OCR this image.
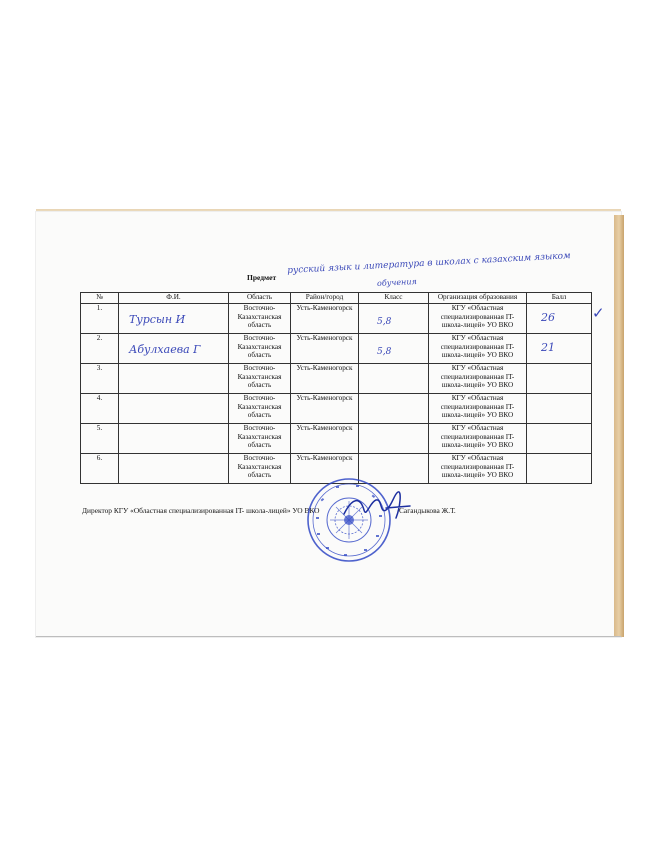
Предмет
русский язык и литература в школах с казахским языком
обучения
№	Ф.И.	Область	Район/город	Класс	Организация образования	Балл
1.	Турсын И	Восточно-Казахстанская область	Усть-Каменогорск	5,8	КГУ «Областная специализированная IT-школа-лицей» УО ВКО	26

2.	Абулхаева Г	Восточно-Казахстанская область	Усть-Каменогорск	5,8	КГУ «Областная специализированная IT-школа-лицей» УО ВКО	21

3.		Восточно-Казахстанская область	Усть-Каменогорск		КГУ «Областная специализированная IT-школа-лицей» УО ВКО	
4.		Восточно-Казахстанская область	Усть-Каменогорск		КГУ «Областная специализированная IT-школа-лицей» УО ВКО	
5.		Восточно-Казахстанская область	Усть-Каменогорск		КГУ «Областная специализированная IT-школа-лицей» УО ВКО	
6.		Восточно-Казахстанская область	Усть-Каменогорск		КГУ «Областная специализированная IT-школа-лицей» УО ВКО	
✓
Директор КГУ «Областная специализированная IT- школа-лицей» УО ВКО	Сагандыкова Ж.Т.
